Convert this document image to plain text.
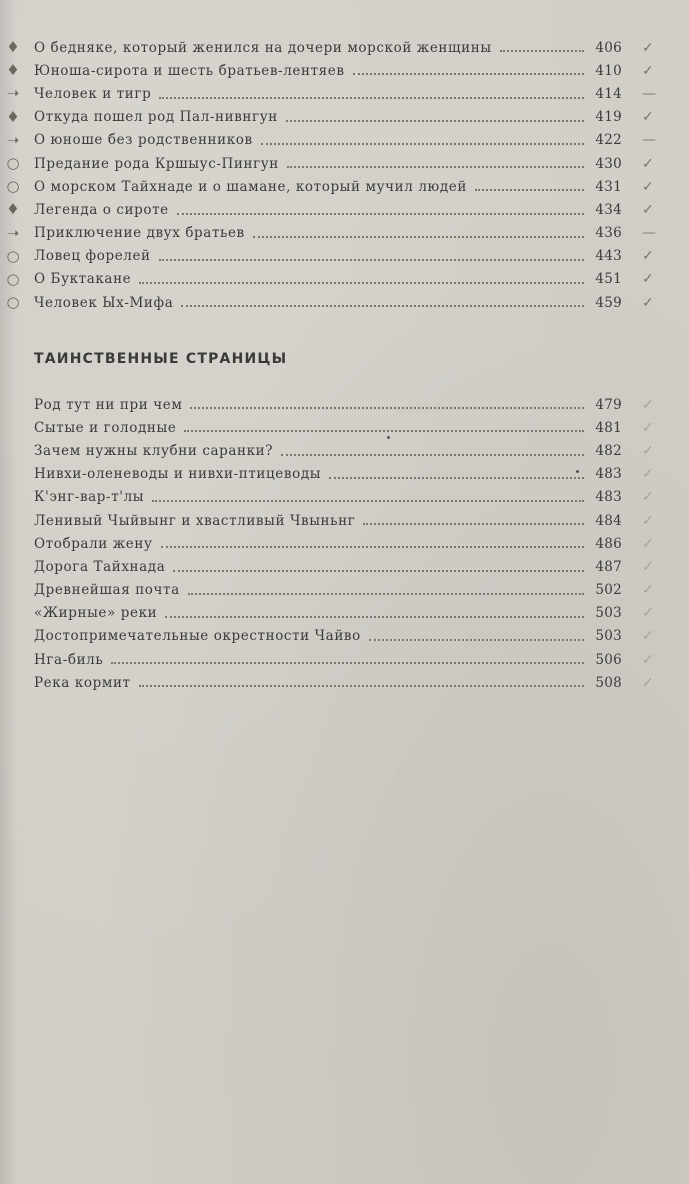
♦ О бедняке, который женился на дочери морской женщины	406 ✓
♦ Юноша-сирота и шесть братьев-лентяев	410 ✓
➝ Человек и тигр	414 —
♦ Откуда пошел род Пал-нивнгун	419 ✓
➝ О юноше без родственников	422 —
○ Предание рода Кршыус-Пингун	430 ✓
○ О морском Тайхнаде и о шамане, который мучил людей	431 ✓
♦ Легенда о сироте	434 ✓
➝ Приключение двух братьев	436 —
○ Ловец форелей	443 ✓
○ О Буктакане	451 ✓
○ Человек Ых-Мифа	459 ✓
ТАИНСТВЕННЫЕ СТРАНИЦЫ
Род тут ни при чем	479 ✓
Сытые и голодные	481 ✓
Зачем нужны клубни саранки?	482 ✓
Нивхи-оленеводы и нивхи-птицеводы	483 ✓
К'энг-вар-т'лы	483 ✓
Ленивый Чыйвынг и хвастливый Чвыньнг	484 ✓
Отобрали жену	486 ✓
Дорога Тайхнада	487 ✓
Древнейшая почта	502 ✓
«Жирные» реки	503 ✓
Достопримечательные окрестности Чайво	503 ✓
Нга-биль	506 ✓
Река кормит	508 ✓
